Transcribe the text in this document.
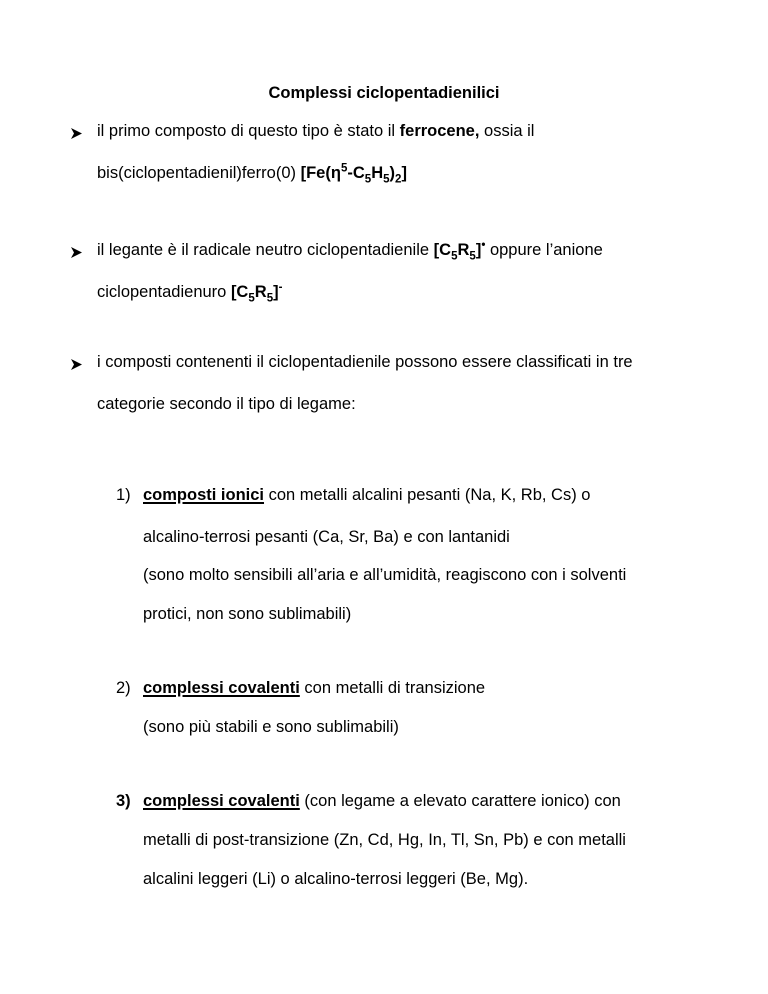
Complessi ciclopentadienilici
il primo composto di questo tipo è stato il ferrocene, ossia il
bis(ciclopentadienil)ferro(0) $[Fe(\eta^5-C_5H_5)_2]$
il legante è il radicale neutro ciclopentadienile $[C_5R_5]^•$ oppure l’anione
ciclopentadienuro $[C_5R_5]^-$
i composti contenenti il ciclopentadienile possono essere classificati in tre
categorie secondo il tipo di legame:
1) composti ionici con metalli alcalini pesanti (Na, K, Rb, Cs) o
alcalino-terrosi pesanti (Ca, Sr, Ba) e con lantanidi
(sono molto sensibili all’aria e all’umidità, reagiscono con i solventi
protici, non sono sublimabili)
2) complessi covalenti con metalli di transizione
(sono più stabili e sono sublimabili)
3) complessi covalenti (con legame a elevato carattere ionico) con
metalli di post-transizione (Zn, Cd, Hg, In, Tl, Sn, Pb) e con metalli
alcalini leggeri (Li) o alcalino-terrosi leggeri (Be, Mg).
